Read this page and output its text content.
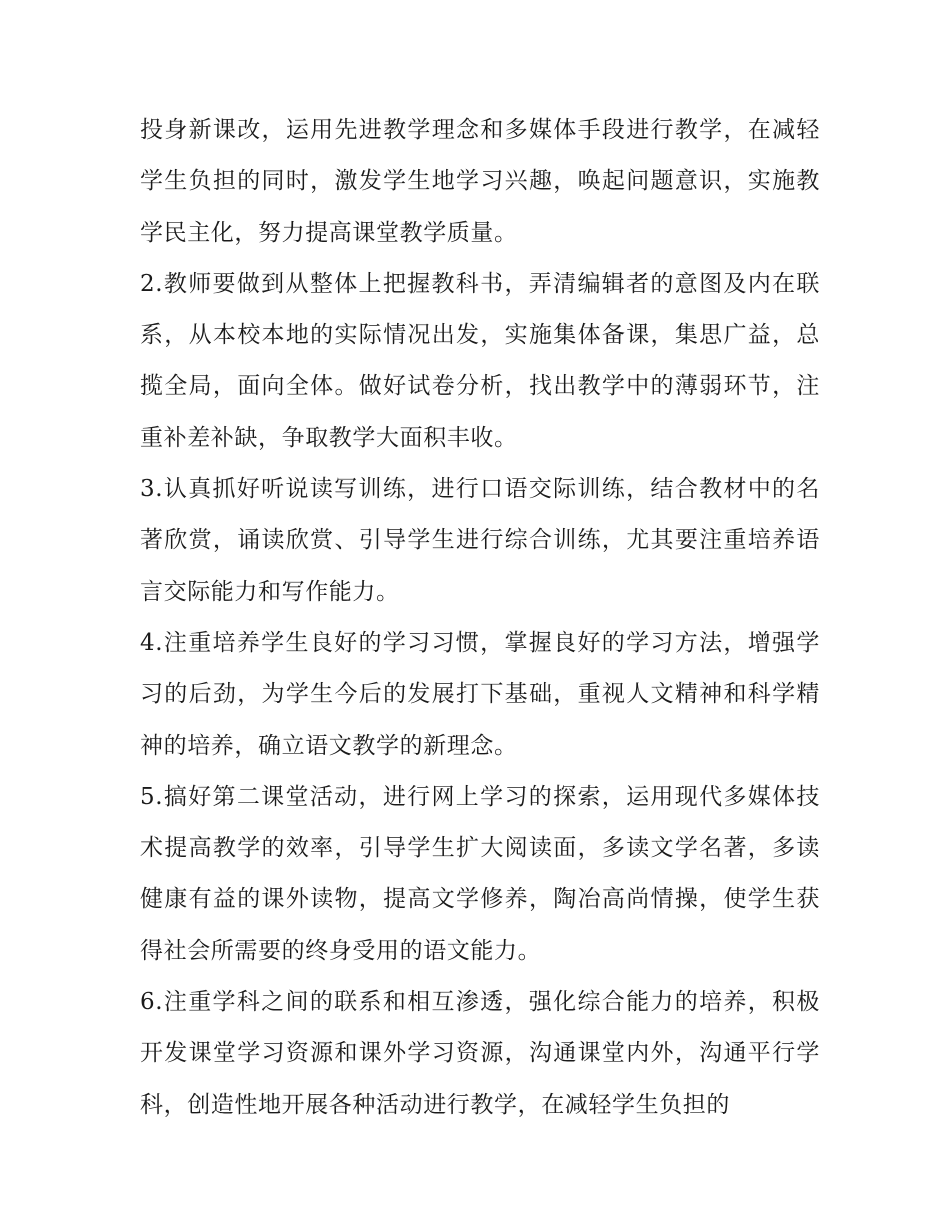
投身新课改，运用先进教学理念和多媒体手段进行教学，在减轻学生负担的同时，激发学生地学习兴趣，唤起问题意识，实施教学民主化，努力提高课堂教学质量。

2.教师要做到从整体上把握教科书，弄清编辑者的意图及内在联系，从本校本地的实际情况出发，实施集体备课，集思广益，总揽全局，面向全体。做好试卷分析，找出教学中的薄弱环节，注重补差补缺，争取教学大面积丰收。

3.认真抓好听说读写训练，进行口语交际训练，结合教材中的名著欣赏，诵读欣赏、引导学生进行综合训练，尤其要注重培养语言交际能力和写作能力。

4.注重培养学生良好的学习习惯，掌握良好的学习方法，增强学习的后劲，为学生今后的发展打下基础，重视人文精神和科学精神的培养，确立语文教学的新理念。

5.搞好第二课堂活动，进行网上学习的探索，运用现代多媒体技术提高教学的效率，引导学生扩大阅读面，多读文学名著，多读健康有益的课外读物，提高文学修养，陶冶高尚情操，使学生获得社会所需要的终身受用的语文能力。

6.注重学科之间的联系和相互渗透，强化综合能力的培养，积极开发课堂学习资源和课外学习资源，沟通课堂内外，沟通平行学科，创造性地开展各种活动进行教学，在减轻学生负担的
